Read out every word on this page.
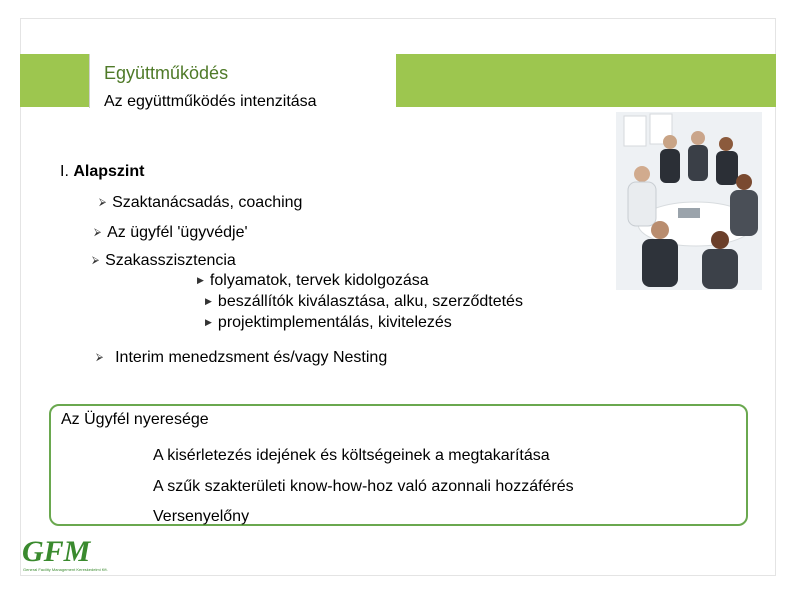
Együttműködés
Az együttműködés intenzitása
I. Alapszint
⮚ Szaktanácsadás, coaching
⮚ Az ügyfél 'ügyvédje'
⮚ Szakasszisztencia
▶ folyamatok, tervek kidolgozása
▶ beszállítók kiválasztása, alku, szerződtetés
▶ projektimplementálás, kivitelezés
⮚ Interim menedzsment és/vagy Nesting
Az Ügyfél nyeresége
A kisérletezés idejének és költségeinek a megtakarítása
A szűk szakterületi know-how-hoz való azonnali hozzáférés
Versenyelőny
GFM
General Facility Management Kereskedelmi Kft.
